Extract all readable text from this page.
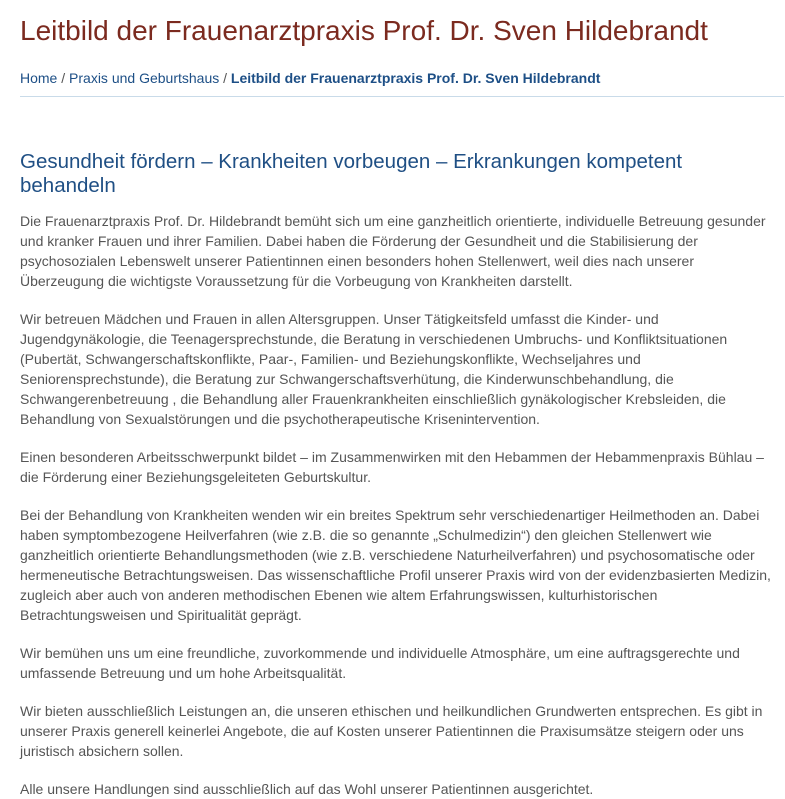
Leitbild der Frauenarztpraxis Prof. Dr. Sven Hildebrandt
Home / Praxis und Geburtshaus / Leitbild der Frauenarztpraxis Prof. Dr. Sven Hildebrandt
Gesundheit fördern – Krankheiten vorbeugen – Erkrankungen kompetent behandeln

Die Frauenarztpraxis Prof. Dr. Hildebrandt bemüht sich um eine ganzheitlich orientierte, individuelle Betreuung gesunder und kranker Frauen und ihrer Familien. Dabei haben die Förderung der Gesundheit und die Stabilisierung der psychosozialen Lebenswelt unserer Patientinnen einen besonders hohen Stellenwert, weil dies nach unserer Überzeugung die wichtigste Voraussetzung für die Vorbeugung von Krankheiten darstellt.

Wir betreuen Mädchen und Frauen in allen Altersgruppen. Unser Tätigkeitsfeld umfasst die Kinder- und Jugendgynäkologie, die Teenagersprechstunde, die Beratung in verschiedenen Umbruchs- und Konfliktsituationen (Pubertät, Schwangerschaftskonflikte, Paar-, Familien- und Beziehungskonflikte, Wechseljahres und Seniorensprechstunde), die Beratung zur Schwangerschaftsverhütung, die Kinderwunschbehandlung, die Schwangerenbetreuung , die Behandlung aller Frauenkrankheiten einschließlich gynäkologischer Krebsleiden, die Behandlung von Sexualstörungen und die psychotherapeutische Krisenintervention.

Einen besonderen Arbeitsschwerpunkt bildet – im Zusammenwirken mit den Hebammen der Hebammenpraxis Bühlau – die Förderung einer Beziehungsgeleiteten Geburtskultur.

Bei der Behandlung von Krankheiten wenden wir ein breites Spektrum sehr verschiedenartiger Heilmethoden an. Dabei haben symptombezogene Heilverfahren (wie z.B. die so genannte „Schulmedizin“) den gleichen Stellenwert wie ganzheitlich orientierte Behandlungsmethoden (wie z.B. verschiedene Naturheilverfahren) und psychosomatische oder hermeneutische Betrachtungsweisen. Das wissenschaftliche Profil unserer Praxis wird von der evidenzbasierten Medizin, zugleich aber auch von anderen methodischen Ebenen wie altem Erfahrungswissen, kulturhistorischen Betrachtungsweisen und Spiritualität geprägt.

Wir bemühen uns um eine freundliche, zuvorkommende und individuelle Atmosphäre, um eine auftragsgerechte und umfassende Betreuung und um hohe Arbeitsqualität.

Wir bieten ausschließlich Leistungen an, die unseren ethischen und heilkundlichen Grundwerten entsprechen. Es gibt in unserer Praxis generell keinerlei Angebote, die auf Kosten unserer Patientinnen die Praxisumsätze steigern oder uns juristisch absichern sollen.

Alle unsere Handlungen sind ausschließlich auf das Wohl unserer Patientinnen ausgerichtet.
